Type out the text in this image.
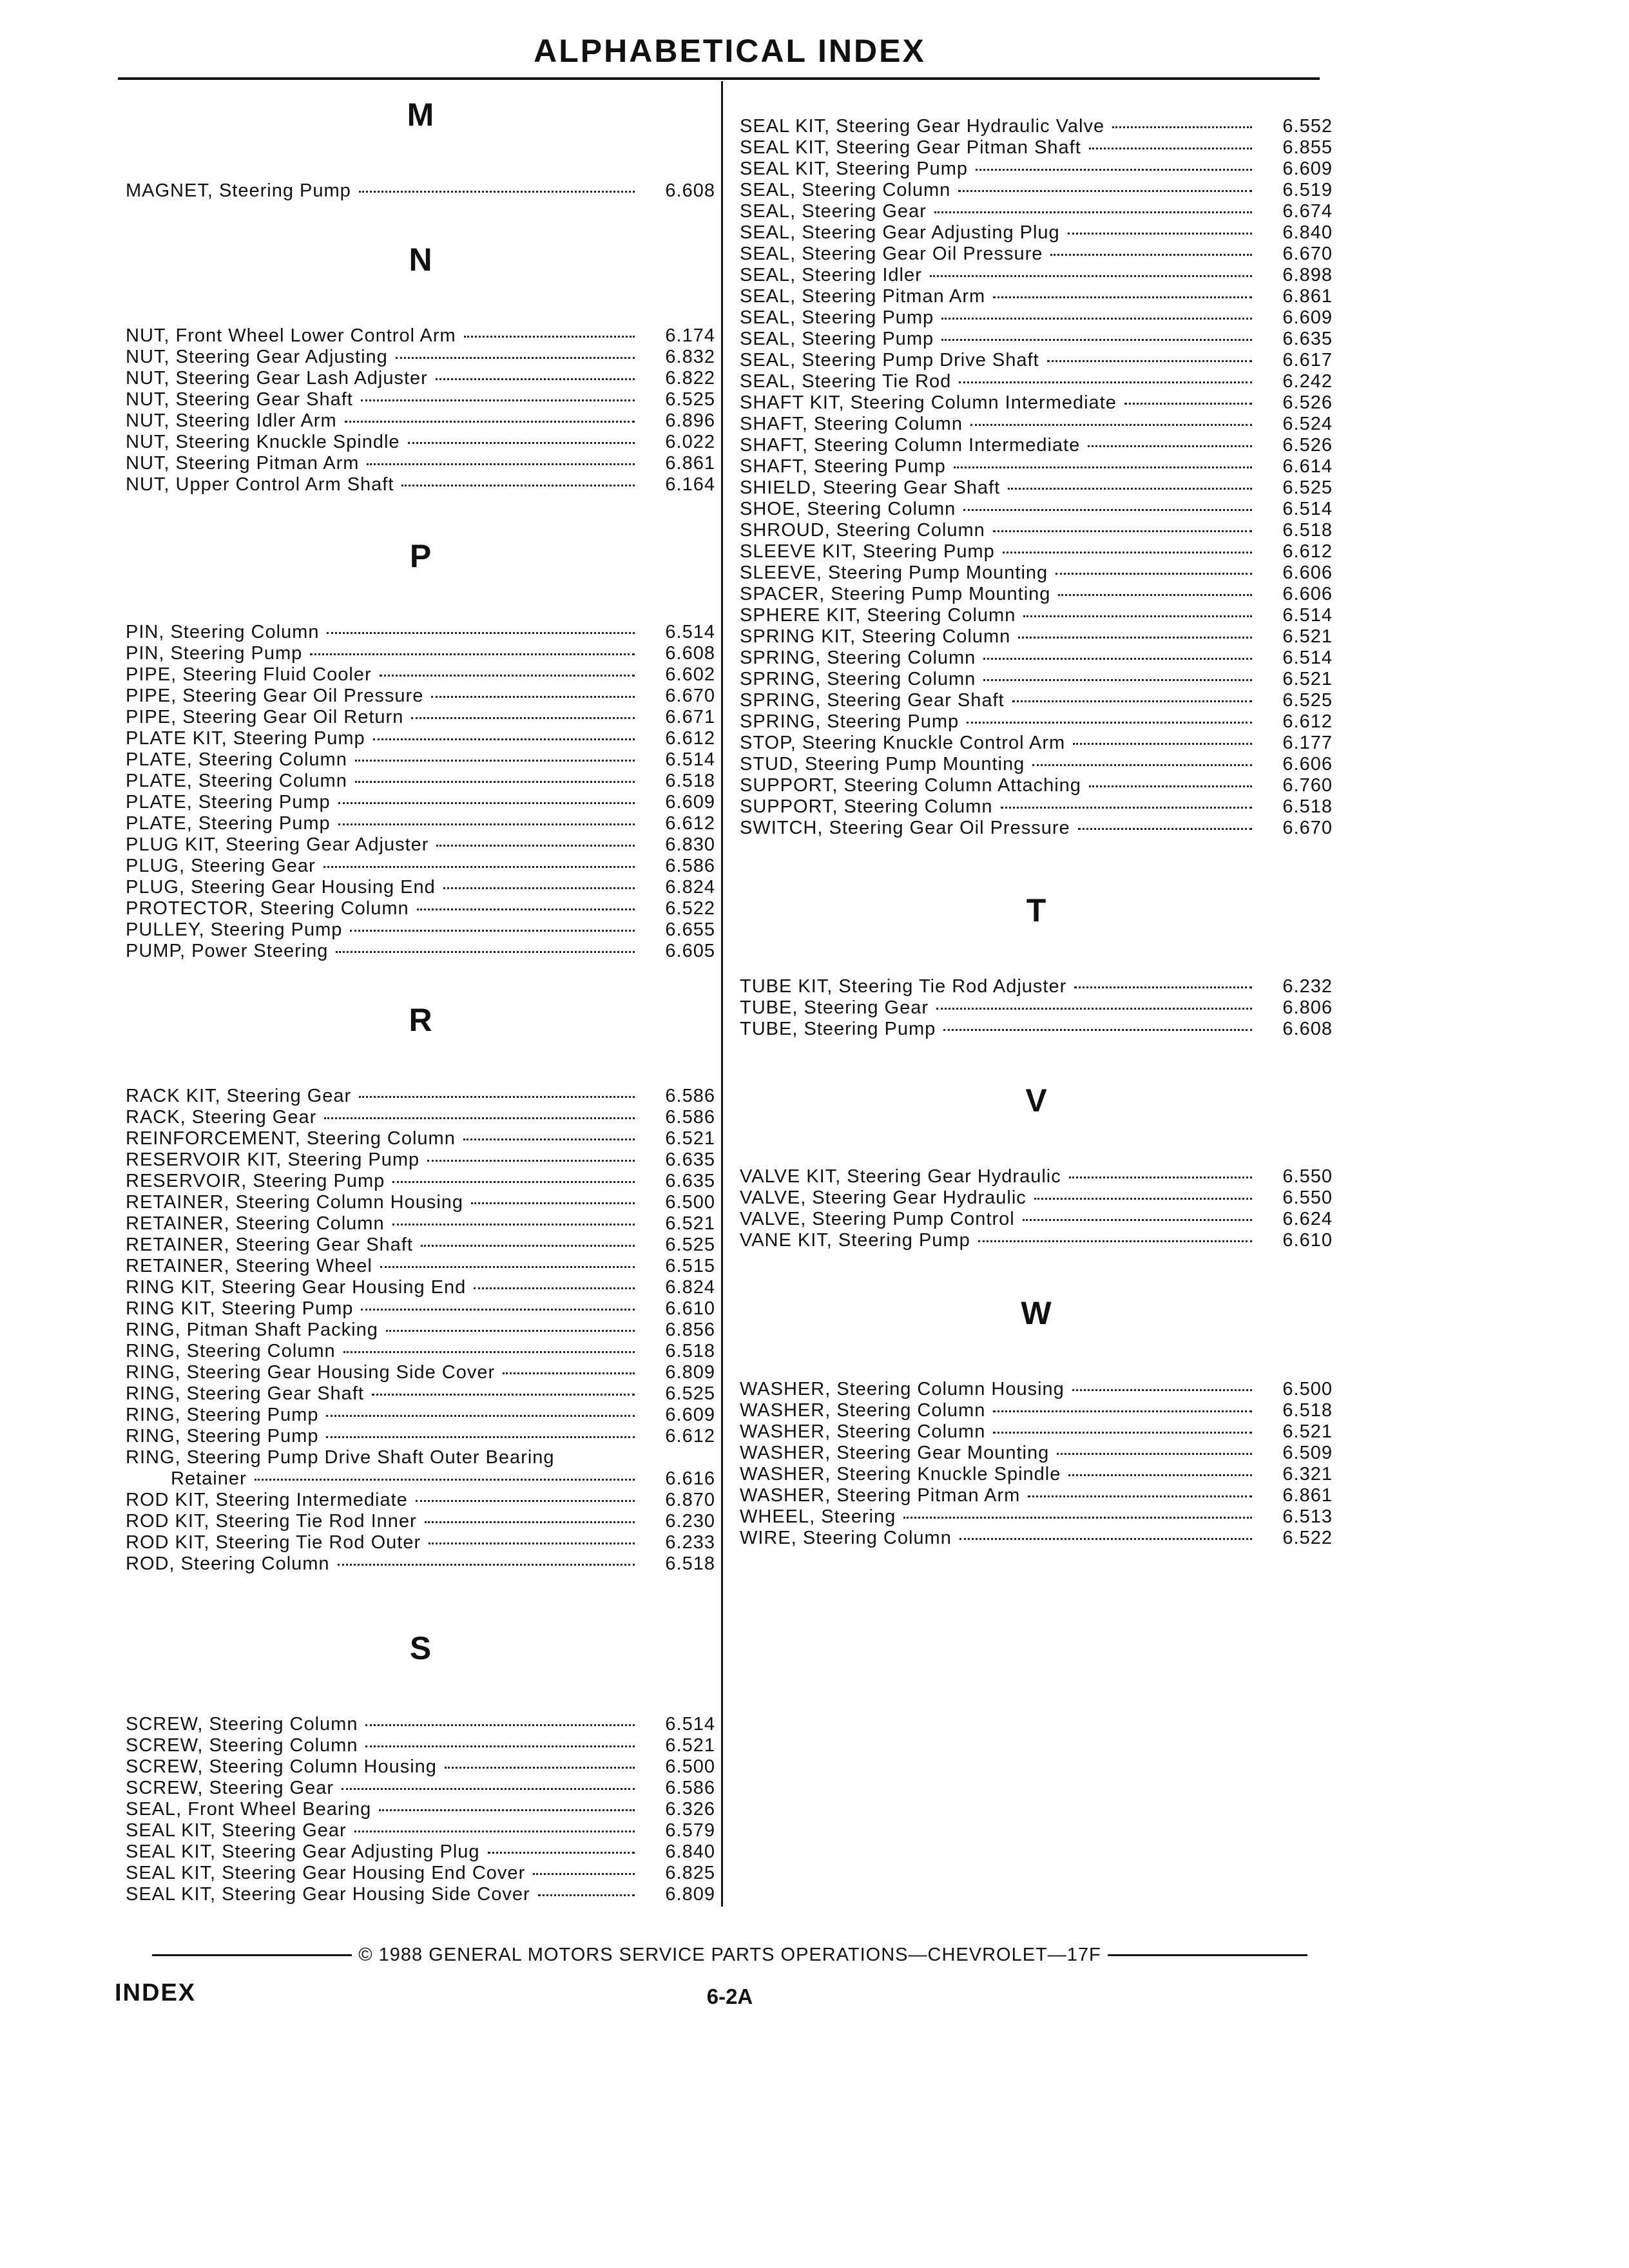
ALPHABETICAL INDEX
M
MAGNET, Steering Pump	6.608
N
NUT, Front Wheel Lower Control Arm	6.174
NUT, Steering Gear Adjusting	6.832
NUT, Steering Gear Lash Adjuster	6.822
NUT, Steering Gear Shaft	6.525
NUT, Steering Idler Arm	6.896
NUT, Steering Knuckle Spindle	6.022
NUT, Steering Pitman Arm	6.861
NUT, Upper Control Arm Shaft	6.164
P
PIN, Steering Column	6.514
PIN, Steering Pump	6.608
PIPE, Steering Fluid Cooler	6.602
PIPE, Steering Gear Oil Pressure	6.670
PIPE, Steering Gear Oil Return	6.671
PLATE KIT, Steering Pump	6.612
PLATE, Steering Column	6.514
PLATE, Steering Column	6.518
PLATE, Steering Pump	6.609
PLATE, Steering Pump	6.612
PLUG KIT, Steering Gear Adjuster	6.830
PLUG, Steering Gear	6.586
PLUG, Steering Gear Housing End	6.824
PROTECTOR, Steering Column	6.522
PULLEY, Steering Pump	6.655
PUMP, Power Steering	6.605
R
RACK KIT, Steering Gear	6.586
RACK, Steering Gear	6.586
REINFORCEMENT, Steering Column	6.521
RESERVOIR KIT, Steering Pump	6.635
RESERVOIR, Steering Pump	6.635
RETAINER, Steering Column Housing	6.500
RETAINER, Steering Column	6.521
RETAINER, Steering Gear Shaft	6.525
RETAINER, Steering Wheel	6.515
RING KIT, Steering Gear Housing End	6.824
RING KIT, Steering Pump	6.610
RING, Pitman Shaft Packing	6.856
RING, Steering Column	6.518
RING, Steering Gear Housing Side Cover	6.809
RING, Steering Gear Shaft	6.525
RING, Steering Pump	6.609
RING, Steering Pump	6.612
RING, Steering Pump Drive Shaft Outer Bearing
Retainer	6.616
ROD KIT, Steering Intermediate	6.870
ROD KIT, Steering Tie Rod Inner	6.230
ROD KIT, Steering Tie Rod Outer	6.233
ROD, Steering Column	6.518
S
SCREW, Steering Column	6.514
SCREW, Steering Column	6.521
SCREW, Steering Column Housing	6.500
SCREW, Steering Gear	6.586
SEAL, Front Wheel Bearing	6.326
SEAL KIT, Steering Gear	6.579
SEAL KIT, Steering Gear Adjusting Plug	6.840
SEAL KIT, Steering Gear Housing End Cover	6.825
SEAL KIT, Steering Gear Housing Side Cover	6.809
SEAL KIT, Steering Gear Hydraulic Valve	6.552
SEAL KIT, Steering Gear Pitman Shaft	6.855
SEAL KIT, Steering Pump	6.609
SEAL, Steering Column	6.519
SEAL, Steering Gear	6.674
SEAL, Steering Gear Adjusting Plug	6.840
SEAL, Steering Gear Oil Pressure	6.670
SEAL, Steering Idler	6.898
SEAL, Steering Pitman Arm	6.861
SEAL, Steering Pump	6.609
SEAL, Steering Pump	6.635
SEAL, Steering Pump Drive Shaft	6.617
SEAL, Steering Tie Rod	6.242
SHAFT KIT, Steering Column Intermediate	6.526
SHAFT, Steering Column	6.524
SHAFT, Steering Column Intermediate	6.526
SHAFT, Steering Pump	6.614
SHIELD, Steering Gear Shaft	6.525
SHOE, Steering Column	6.514
SHROUD, Steering Column	6.518
SLEEVE KIT, Steering Pump	6.612
SLEEVE, Steering Pump Mounting	6.606
SPACER, Steering Pump Mounting	6.606
SPHERE KIT, Steering Column	6.514
SPRING KIT, Steering Column	6.521
SPRING, Steering Column	6.514
SPRING, Steering Column	6.521
SPRING, Steering Gear Shaft	6.525
SPRING, Steering Pump	6.612
STOP, Steering Knuckle Control Arm	6.177
STUD, Steering Pump Mounting	6.606
SUPPORT, Steering Column Attaching	6.760
SUPPORT, Steering Column	6.518
SWITCH, Steering Gear Oil Pressure	6.670
T
TUBE KIT, Steering Tie Rod Adjuster	6.232
TUBE, Steering Gear	6.806
TUBE, Steering Pump	6.608
V
VALVE KIT, Steering Gear Hydraulic	6.550
VALVE, Steering Gear Hydraulic	6.550
VALVE, Steering Pump Control	6.624
VANE KIT, Steering Pump	6.610
W
WASHER, Steering Column Housing	6.500
WASHER, Steering Column	6.518
WASHER, Steering Column	6.521
WASHER, Steering Gear Mounting	6.509
WASHER, Steering Knuckle Spindle	6.321
WASHER, Steering Pitman Arm	6.861
WHEEL, Steering	6.513
WIRE, Steering Column	6.522
© 1988 GENERAL MOTORS SERVICE PARTS OPERATIONS—CHEVROLET—17F
INDEX	6-2A
